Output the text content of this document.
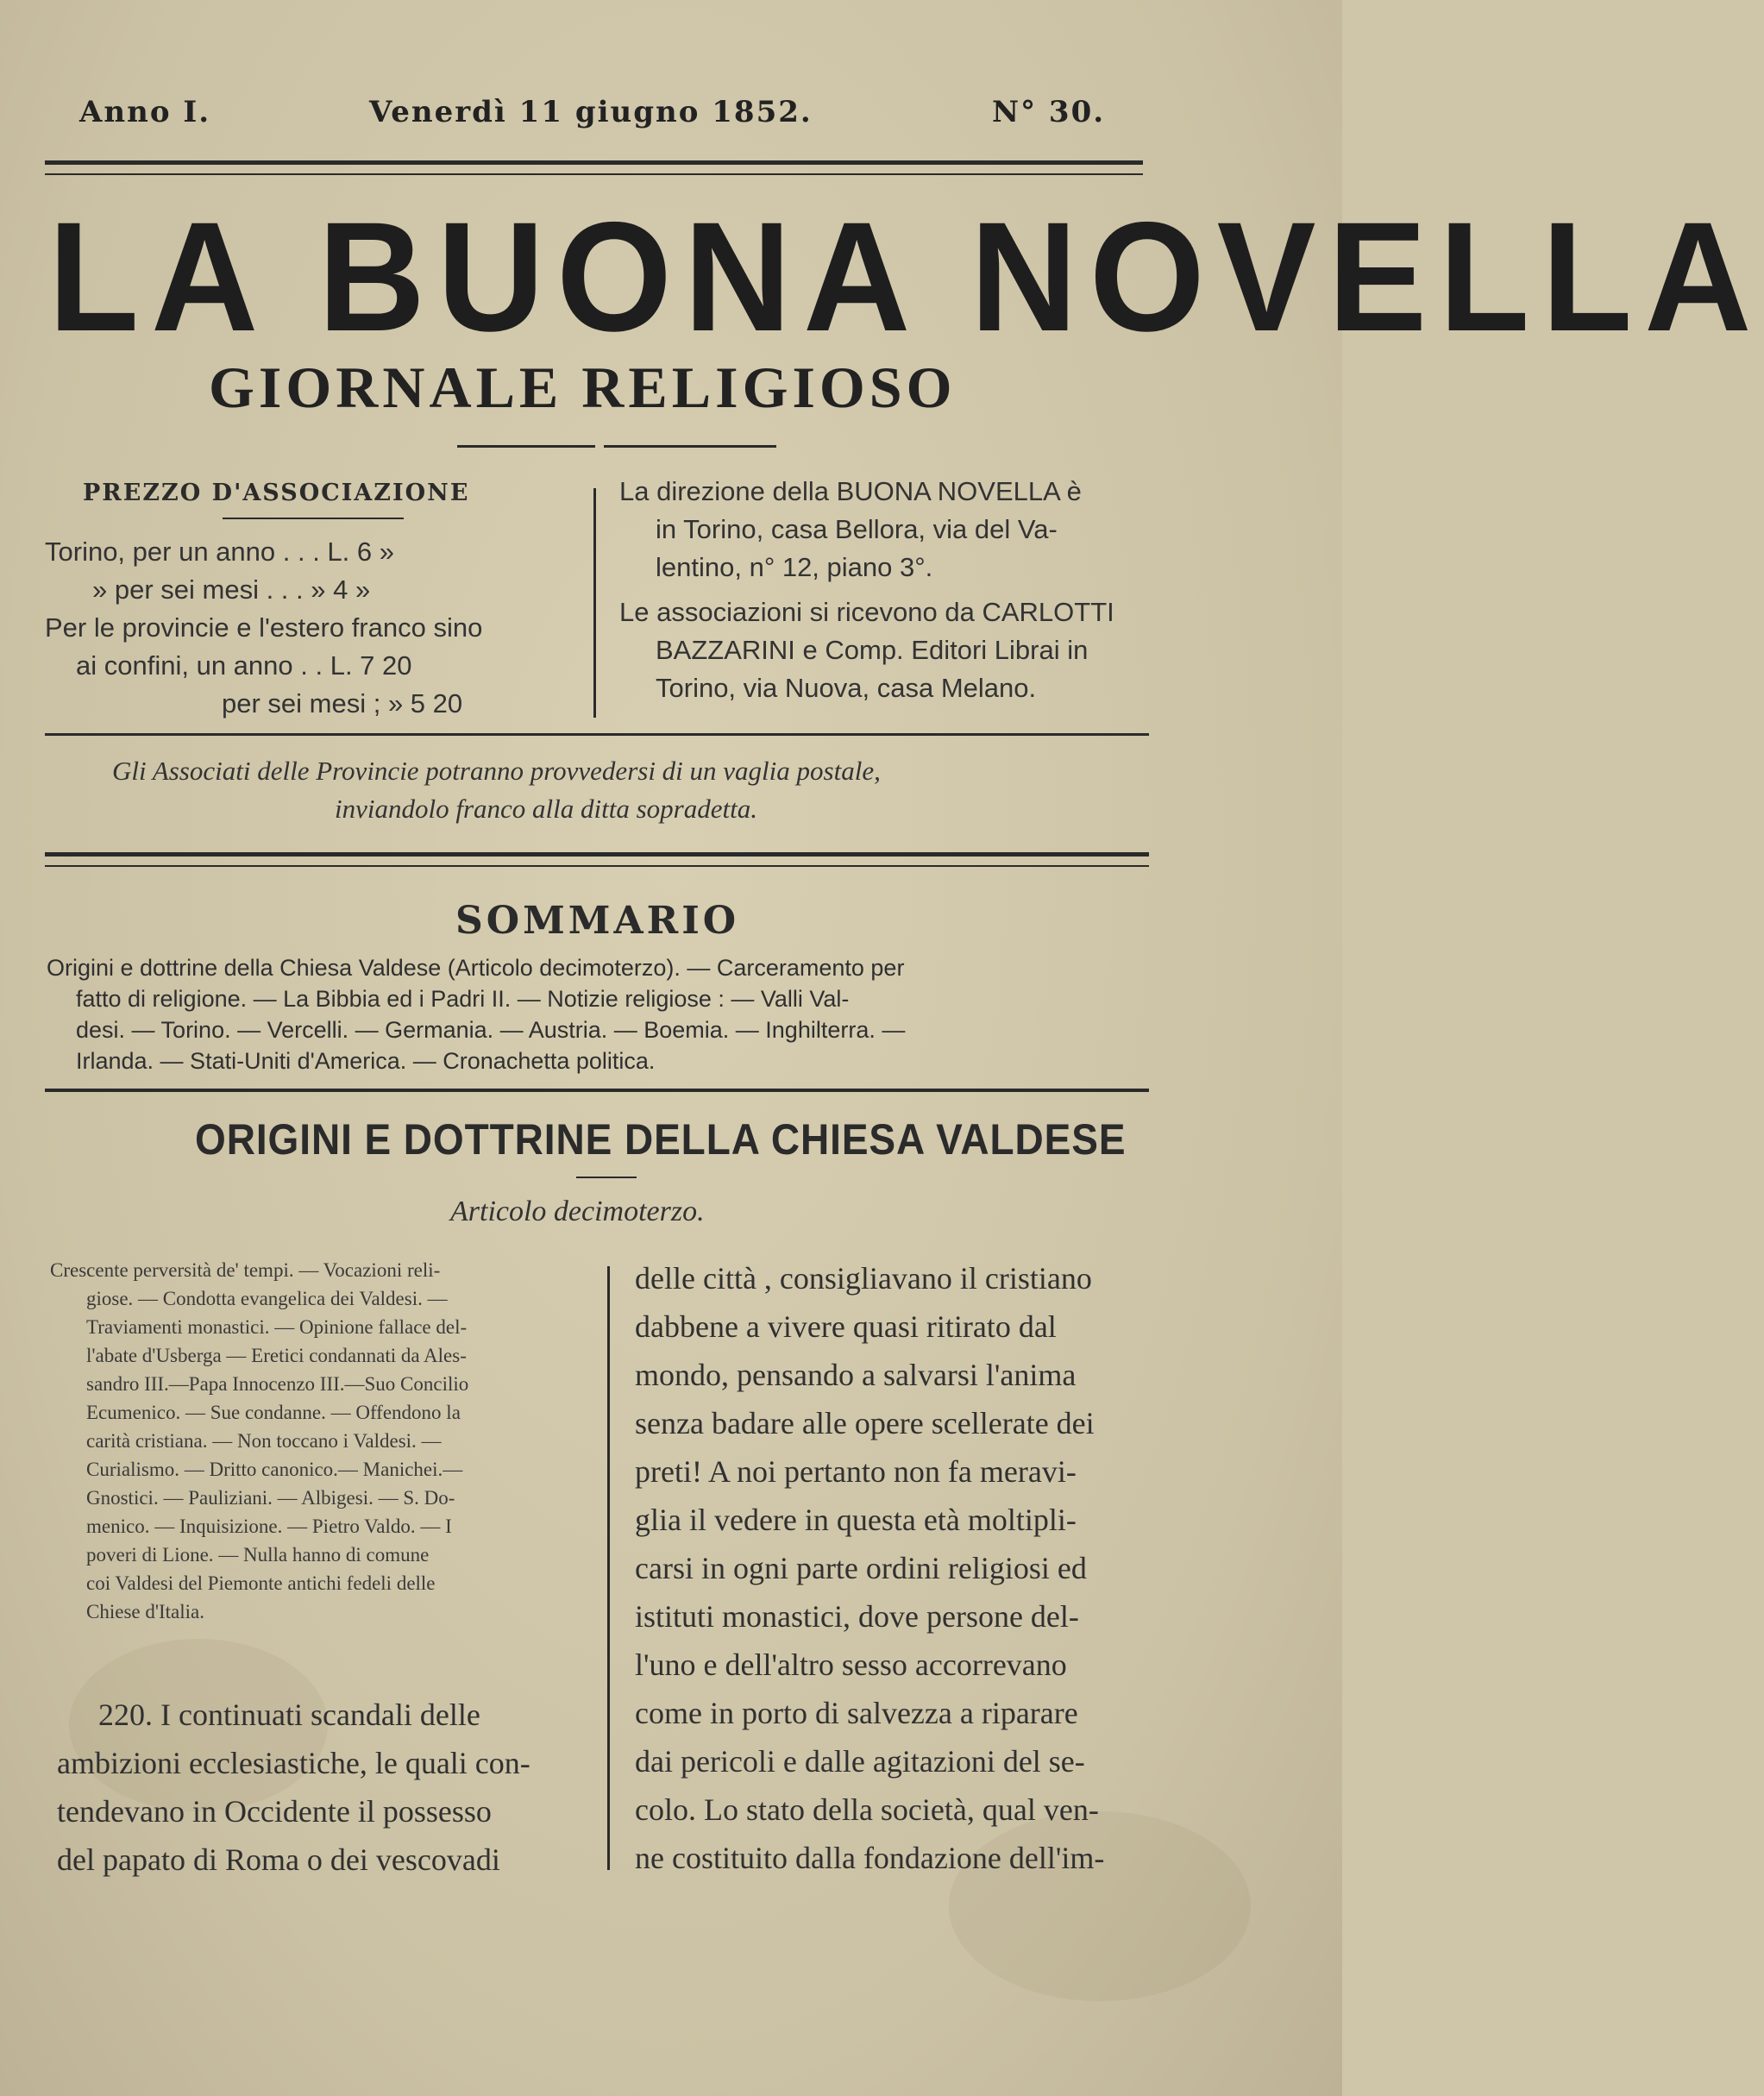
Anno I.	Venerdì 11 giugno 1852.	N° 30.
LA BUONA NOVELLA
GIORNALE RELIGIOSO
PREZZO D'ASSOCIAZIONE
Torino, per un anno . . . L. 6 »
» per sei mesi . . . » 4 »
Per le provincie e l'estero franco sino
ai confini, un anno . . L. 7 20
per sei mesi ; » 5 20
La direzione della BUONA NOVELLA è
in Torino, casa Bellora, via del Va-
lentino, n° 12, piano 3°.
Le associazioni si ricevono da CARLOTTI
BAZZARINI e Comp. Editori Librai in
Torino, via Nuova, casa Melano.
Gli Associati delle Provincie potranno provvedersi di un vaglia postale,
inviandolo franco alla ditta sopradetta.
SOMMARIO
Origini e dottrine della Chiesa Valdese (Articolo decimoterzo). — Carceramento per
fatto di religione. — La Bibbia ed i Padri II. — Notizie religiose : — Valli Val-
desi. — Torino. — Vercelli. — Germania. — Austria. — Boemia. — Inghilterra. —
Irlanda. — Stati-Uniti d'America. — Cronachetta politica.
ORIGINI E DOTTRINE DELLA CHIESA VALDESE
Articolo decimoterzo.
Crescente perversità de' tempi. — Vocazioni reli-
giose. — Condotta evangelica dei Valdesi. —
Traviamenti monastici. — Opinione fallace del-
l'abate d'Usberga — Eretici condannati da Ales-
sandro III.—Papa Innocenzo III.—Suo Concilio
Ecumenico. — Sue condanne. — Offendono la
carità cristiana. — Non toccano i Valdesi. —
Curialismo. — Dritto canonico.— Manichei.—
Gnostici. — Pauliziani. — Albigesi. — S. Do-
menico. — Inquisizione. — Pietro Valdo. — I
poveri di Lione. — Nulla hanno di comune
coi Valdesi del Piemonte antichi fedeli delle
Chiese d'Italia.
220. I continuati scandali delle
ambizioni ecclesiastiche, le quali con-
tendevano in Occidente il possesso
del papato di Roma o dei vescovadi
delle città , consigliavano il cristiano
dabbene a vivere quasi ritirato dal
mondo, pensando a salvarsi l'anima
senza badare alle opere scellerate dei
preti! A noi pertanto non fa meravi-
glia il vedere in questa età moltipli-
carsi in ogni parte ordini religiosi ed
istituti monastici, dove persone del-
l'uno e dell'altro sesso accorrevano
come in porto di salvezza a riparare
dai pericoli e dalle agitazioni del se-
colo. Lo stato della società, qual ven-
ne costituito dalla fondazione dell'im-
